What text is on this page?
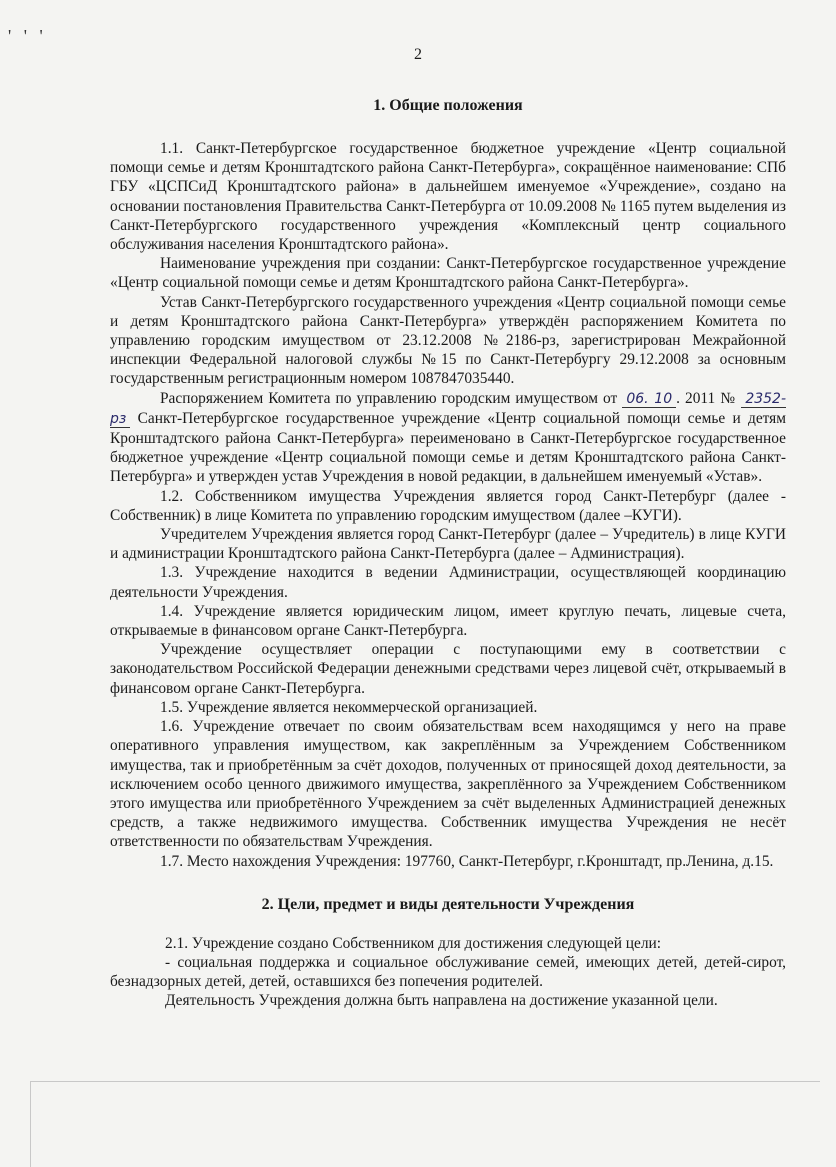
' ' '
2
1. Общие положения

1.1. Санкт-Петербургское государственное бюджетное учреждение «Центр социальной помощи семье и детям Кронштадтского района Санкт-Петербурга», сокращённое наименование: СПб ГБУ «ЦСПСиД Кронштадтского района» в дальнейшем именуемое «Учреждение», создано на основании постановления Правительства Санкт-Петербурга от 10.09.2008 № 1165 путем выделения из Санкт-Петербургского государственного учреждения «Комплексный центр социального обслуживания населения Кронштадтского района».

Наименование учреждения при создании: Санкт-Петербургское государственное учреждение «Центр социальной помощи семье и детям Кронштадтского района Санкт-Петербурга».

Устав Санкт-Петербургского государственного учреждения «Центр социальной помощи семье и детям Кронштадтского района Санкт-Петербурга» утверждён распоряжением Комитета по управлению городским имуществом от 23.12.2008 №2186-рз, зарегистрирован Межрайонной инспекции Федеральной налоговой службы №15 по Санкт-Петербургу 29.12.2008 за основным государственным регистрационным номером 1087847035440.

Распоряжением Комитета по управлению городским имуществом от 06. 10 . 2011 № 2352-рз Санкт-Петербургское государственное учреждение «Центр социальной помощи семье и детям Кронштадтского района Санкт-Петербурга» переименовано в Санкт-Петербургское государственное бюджетное учреждение «Центр социальной помощи семье и детям Кронштадтского района Санкт-Петербурга» и утвержден устав Учреждения в новой редакции, в дальнейшем именуемый «Устав».

1.2. Собственником имущества Учреждения является город Санкт-Петербург (далее - Собственник) в лице Комитета по управлению городским имуществом (далее –КУГИ).

Учредителем Учреждения является город Санкт-Петербург (далее – Учредитель) в лице КУГИ и администрации Кронштадтского района Санкт-Петербурга (далее – Администрация).

1.3. Учреждение находится в ведении Администрации, осуществляющей координацию деятельности Учреждения.

1.4. Учреждение является юридическим лицом, имеет круглую печать, лицевые счета, открываемые в финансовом органе Санкт-Петербурга.

Учреждение осуществляет операции с поступающими ему в соответствии с законодательством Российской Федерации денежными средствами через лицевой счёт, открываемый в финансовом органе Санкт-Петербурга.

1.5. Учреждение является некоммерческой организацией.

1.6. Учреждение отвечает по своим обязательствам всем находящимся у него на праве оперативного управления имуществом, как закреплённым за Учреждением Собственником имущества, так и приобретённым за счёт доходов, полученных от приносящей доход деятельности, за исключением особо ценного движимого имущества, закреплённого за Учреждением Собственником этого имущества или приобретённого Учреждением за счёт выделенных Администрацией денежных средств, а также недвижимого имущества. Собственник имущества Учреждения не несёт ответственности по обязательствам Учреждения.

1.7. Место нахождения Учреждения: 197760, Санкт-Петербург, г.Кронштадт, пр.Ленина, д.15.

2. Цели, предмет и виды деятельности Учреждения

2.1. Учреждение создано Собственником для достижения следующей цели:

- социальная поддержка и социальное обслуживание семей, имеющих детей, детей-сирот, безнадзорных детей, детей, оставшихся без попечения родителей.

Деятельность Учреждения должна быть направлена на достижение указанной цели.
